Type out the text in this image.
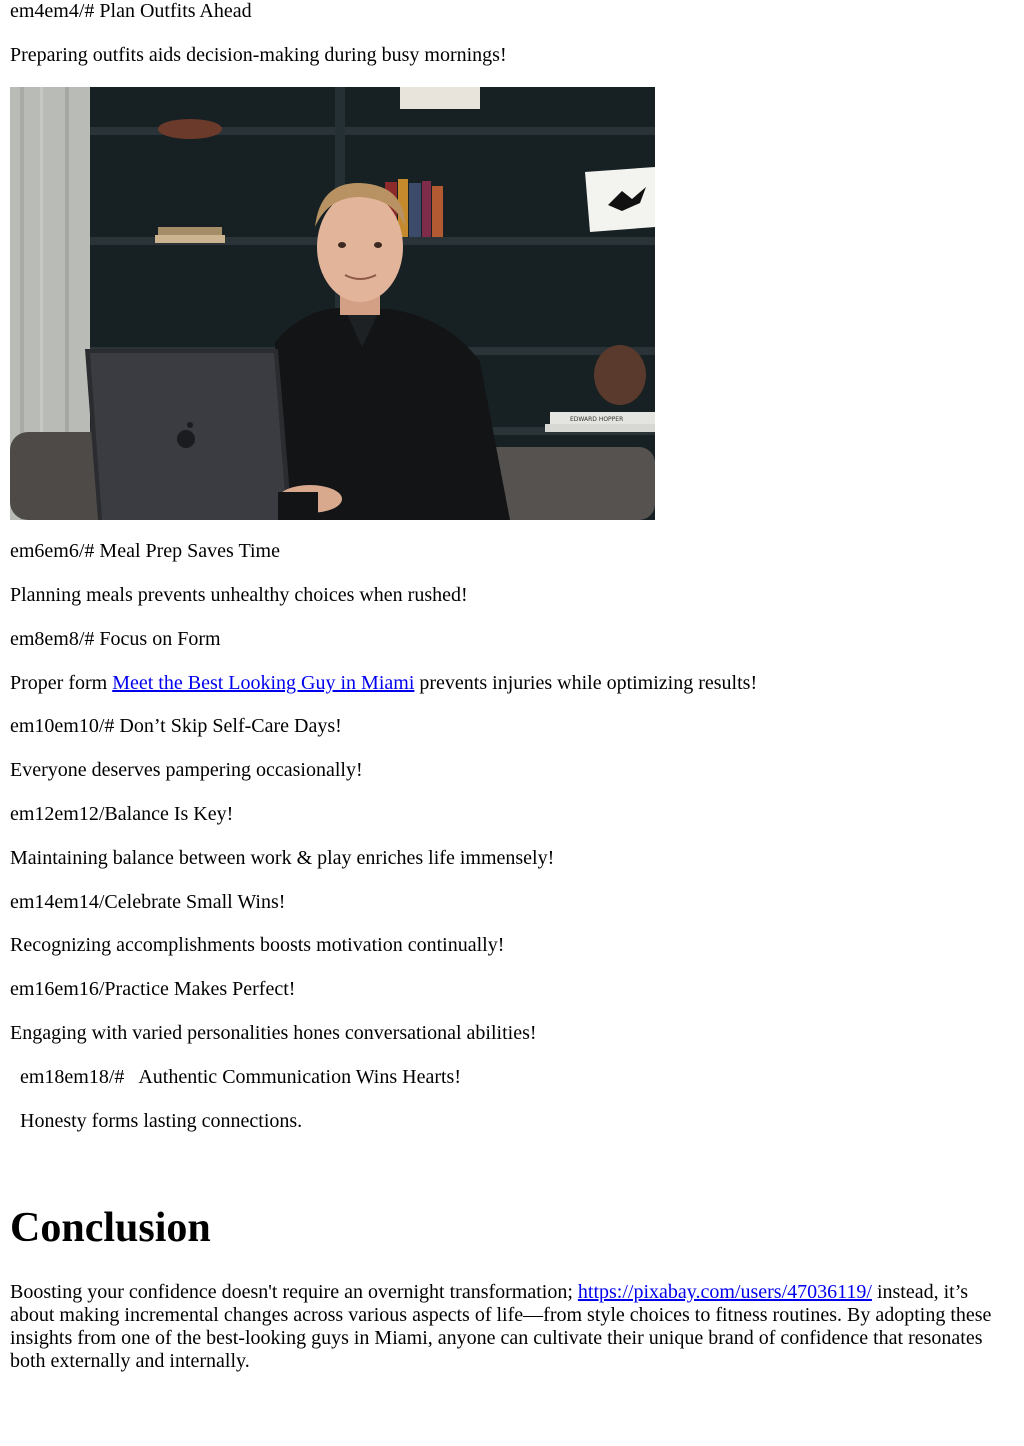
em4em4/# Plan Outfits Ahead

Preparing outfits aids decision-making during busy mornings!

EDWARD HOPPER

em6em6/# Meal Prep Saves Time

Planning meals prevents unhealthy choices when rushed!

em8em8/# Focus on Form

Proper form Meet the Best Looking Guy in Miami prevents injuries while optimizing results!

em10em10/# Don’t Skip Self-Care Days!

Everyone deserves pampering occasionally!

em12em12/Balance Is Key!

Maintaining balance between work & play enriches life immensely!

em14em14/Celebrate Small Wins!

Recognizing accomplishments boosts motivation continually!

em16em16/Practice Makes Perfect!

Engaging with varied personalities hones conversational abilities!

em18em18/#   Authentic Communication Wins Hearts!

Honesty forms lasting connections.

Conclusion

Boosting your confidence doesn't require an overnight transformation; https://pixabay.com/users/47036119/ instead, it’s about making incremental changes across various aspects of life—from style choices to fitness routines. By adopting these insights from one of the best-looking guys in Miami, anyone can cultivate their unique brand of confidence that resonates both externally and internally.
